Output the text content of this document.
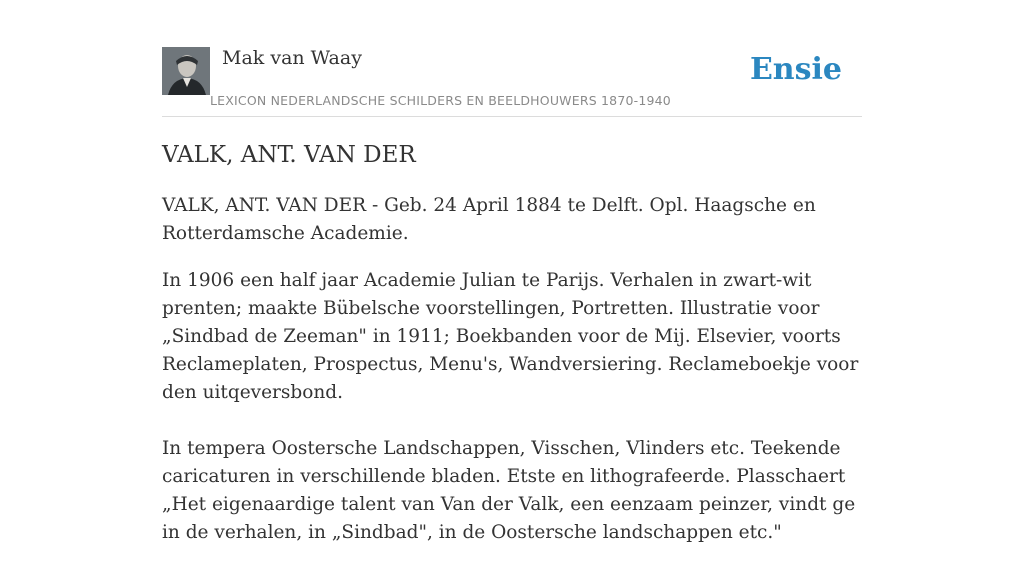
Mak van Waay
LEXICON NEDERLANDSCHE SCHILDERS EN BEELDHOUWERS 1870-1940
Ensie
VALK, ANT. VAN DER

VALK, ANT. VAN DER - Geb. 24 April 1884 te Delft. Opl. Haagsche en Rotterdamsche Academie.

In 1906 een half jaar Academie Julian te Parijs. Verhalen in zwart-wit prenten; maakte Bübelsche voorstellingen, Portretten. Illustratie voor „Sindbad de Zeeman" in 1911; Boekbanden voor de Mij. Elsevier, voorts Reclameplaten, Prospectus, Menu's, Wandversiering. Reclameboekje voor den uitqeversbond.

In tempera Oostersche Landschappen, Visschen, Vlinders etc. Teekende caricaturen in verschillende bladen. Etste en lithografeerde. Plasschaert „Het eigenaardige talent van Van der Valk, een eenzaam peinzer, vindt ge in de verhalen, in „Sindbad", in de Oostersche landschappen etc."
